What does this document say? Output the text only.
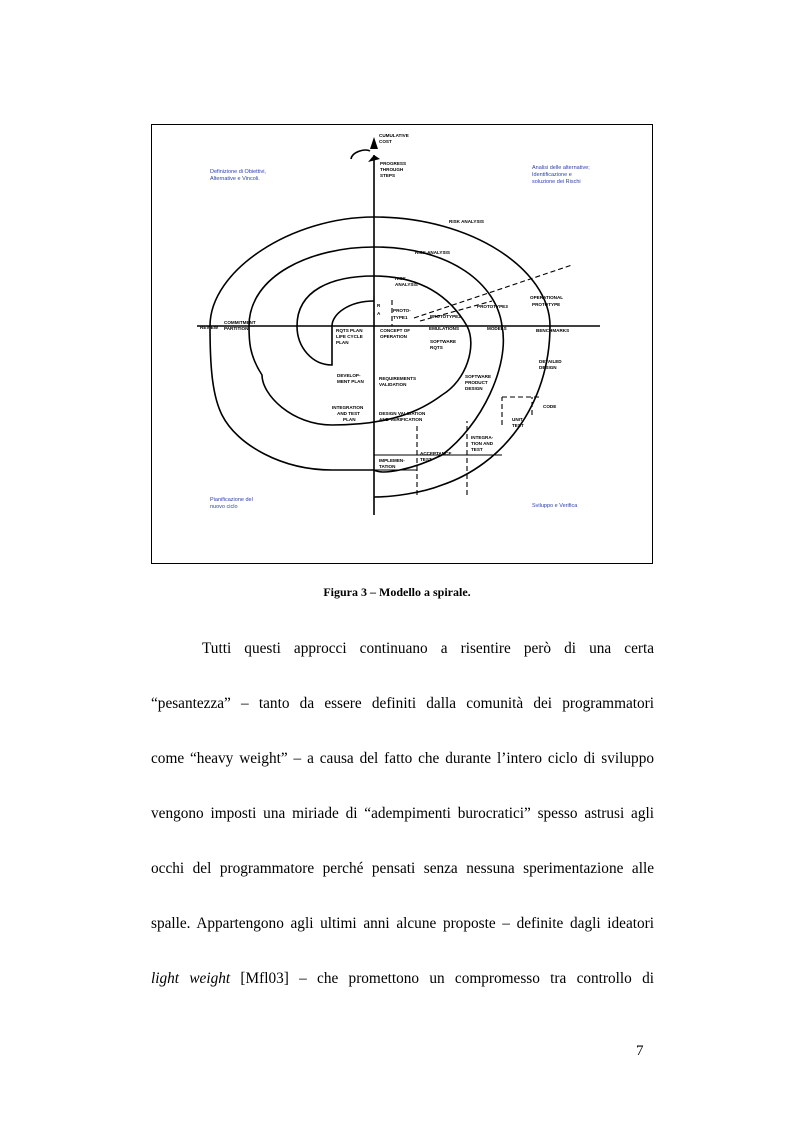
CUMULATIVE
COST
PROGRESS
THROUGH
STEPS
REVIEW
COMMITMENT
PARTITION
RISK ANALYSIS
RISK ANALYSIS
RISK
ANALYSIS
R
A
PROTO-
TYPE1	PROTOTYPE2
PROTOTYPE3
OPERATIONAL
PROTOTYPE
EMULATIONS	MODELS	BENCHMARKS
RQTS PLAN
LIFE CYCLE
PLAN
CONCEPT OF
OPERATION
SOFTWARE
RQTS
DEVELOP-
MENT PLAN
REQUIREMENTS
VALIDATION
SOFTWARE
PRODUCT
DESIGN
DETAILED
DESIGN
INTEGRATION
AND TEST
PLAN
DESIGN VALIDATION
AND VERIFICATION
CODE
UNIT
TEST
INTEGRA-
TION AND
TEST
ACCEPTANCE
TEST
IMPLEMEN-
TATION
Definizione di Obiettivi,
Alternative e Vincoli.
Analisi delle alternative;
Identificazione e
soluzione dei Rischi
Pianificazione del
nuovo ciclo	Sviluppo e Verifica
Figura 3 – Modello a spirale.
Tutti questi approcci continuano a risentire però di una certa
“pesantezza” – tanto da essere definiti dalla comunità dei programmatori
come “heavy weight” – a causa del fatto che durante l’intero ciclo di sviluppo
vengono imposti una miriade di “adempimenti burocratici” spesso astrusi agli
occhi del programmatore perché pensati senza nessuna sperimentazione alle
spalle. Appartengono agli ultimi anni alcune proposte – definite dagli ideatori
light weight [Mfl03] – che promettono un compromesso tra controllo di
7
